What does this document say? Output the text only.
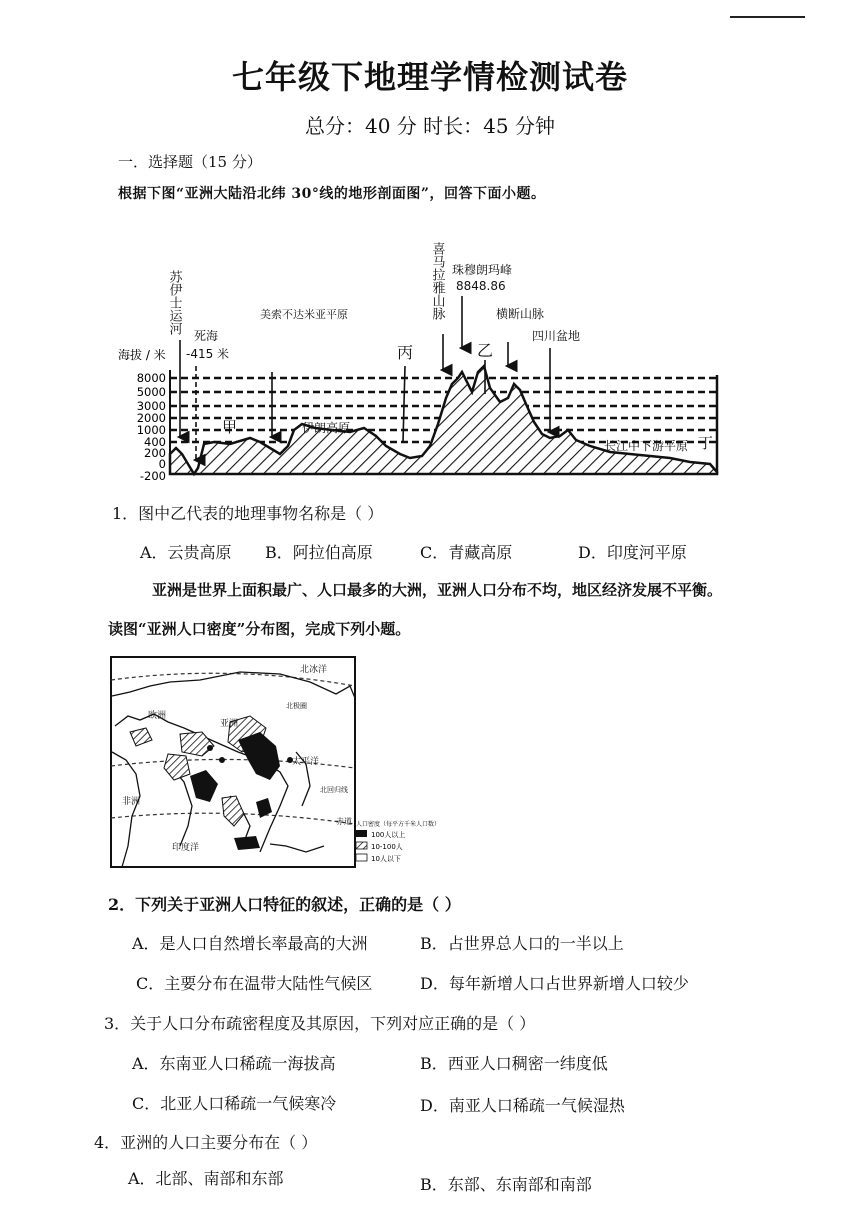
七年级下地理学情检测试卷
总分：40 分 时长：45 分钟
一．选择题（15 分）
根据下图“亚洲大陆沿北纬 30°线的地形剖面图”，回答下面小题。
海拔 / 米
8000
5000
3000
2000
1000
400
200
0
-200
苏伊士运河
死海
-415 米
美索不达米亚平原
甲	伊朗高原
丙
喜马拉雅山脉 珠穆朗玛峰
8848.86
乙
横断山脉
四川盆地
长江中下游平原 丁
1．图中乙代表的地理事物名称是（ ）
A．云贵高原 B．阿拉伯高原	C．青藏高原	D．印度河平原
亚洲是世界上面积最广、人口最多的大洲，亚洲人口分布不均，地区经济发展不平衡。
读图“亚洲人口密度”分布图，完成下列小题。
北冰洋
北极圈
欧洲
亚洲
太平洋
北回归线
非洲
赤道
印度洋
人口密度（每平方千米人口数）
100人以上
10-100人
10人以下
2．下列关于亚洲人口特征的叙述，正确的是（ ）
A．是人口自然增长率最高的大洲	B．占世界总人口的一半以上
C．主要分布在温带大陆性气候区	D．每年新增人口占世界新增人口较少
3．关于人口分布疏密程度及其原因，下列对应正确的是（ ）
A．东南亚人口稀疏一海拔高	B．西亚人口稠密一纬度低
C．北亚人口稀疏一气候寒冷	D．南亚人口稀疏一气候湿热
4．亚洲的人口主要分布在（ ）
A．北部、南部和东部	B．东部、东南部和南部
